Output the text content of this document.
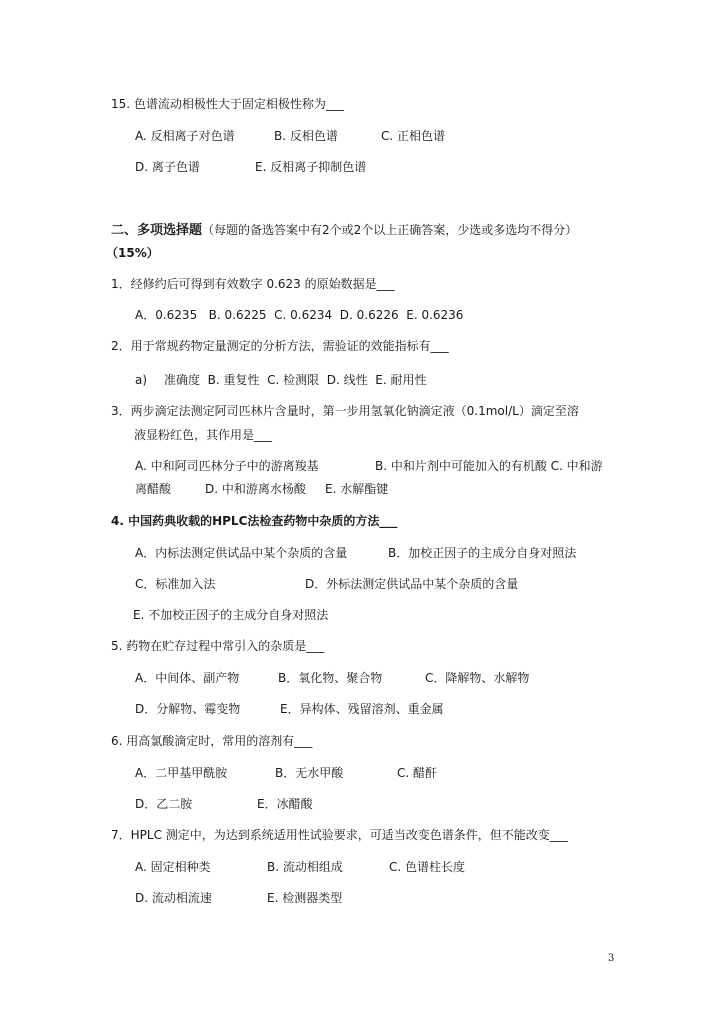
15. 色谱流动相极性大于固定相极性称为___
A. 反相离子对色谱	B. 反相色谱	C. 正相色谱
D. 离子色谱	E. 反相离子抑制色谱
二、多项选择题（每题的备选答案中有2个或2个以上正确答案，少选或多选均不得分）
（15%）
1．经修约后可得到有效数字 0.623 的原始数据是___
A．0.6235   B. 0.6225  C. 0.6234  D. 0.6226  E. 0.6236
2．用于常规药物定量测定的分析方法，需验证的效能指标有___
a) 准确度  B. 重复性  C. 检测限  D. 线性  E. 耐用性
3．两步滴定法测定阿司匹林片含量时，第一步用氢氧化钠滴定液（0.1mol/L）滴定至溶
液显粉红色，其作用是___
A. 中和阿司匹林分子中的游离羧基	B. 中和片剂中可能加入的有机酸 C. 中和游
离醋酸	D. 中和游离水杨酸 E. 水解酯键
4. 中国药典收载的HPLC法检查药物中杂质的方法___
A．内标法测定供试品中某个杂质的含量	B．加校正因子的主成分自身对照法
C．标准加入法	D．外标法测定供试品中某个杂质的含量
E. 不加校正因子的主成分自身对照法
5. 药物在贮存过程中常引入的杂质是___
A．中间体、副产物	B．氧化物、聚合物	C．降解物、水解物
D．分解物、霉变物	E．异构体、残留溶剂、重金属
6. 用高氯酸滴定时，常用的溶剂有___
A．二甲基甲酰胺	B．无水甲酸	C. 醋酐
D．乙二胺	E．冰醋酸
7．HPLC 测定中，为达到系统适用性试验要求，可适当改变色谱条件，但不能改变___
A. 固定相种类	B. 流动相组成	C. 色谱柱长度
D. 流动相流速	E. 检测器类型
3
